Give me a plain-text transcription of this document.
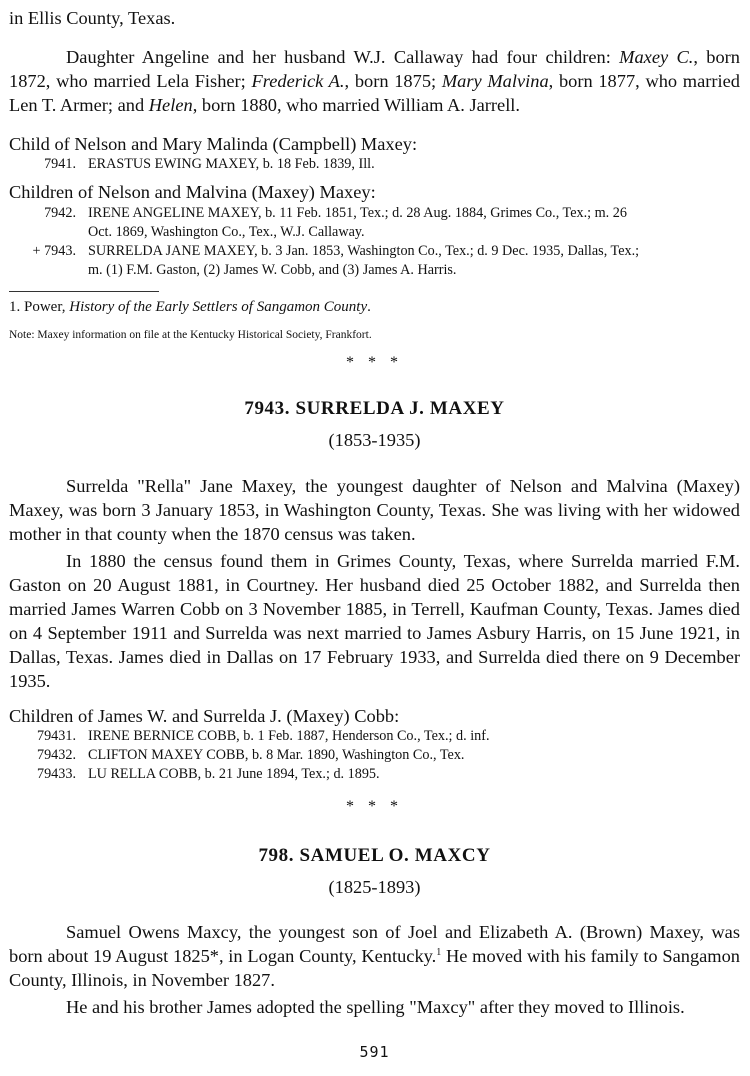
in Ellis County, Texas.

Daughter Angeline and her husband W.J. Callaway had four children: Maxey C., born 1872, who married Lela Fisher; Frederick A., born 1875; Mary Malvina, born 1877, who married Len T. Armer; and Helen, born 1880, who married William A. Jarrell.

Child of Nelson and Mary Malinda (Campbell) Maxey:

7941. ERASTUS EWING MAXEY, b. 18 Feb. 1839, Ill.

Children of Nelson and Malvina (Maxey) Maxey:

7942. IRENE ANGELINE MAXEY, b. 11 Feb. 1851, Tex.; d. 28 Aug. 1884, Grimes Co., Tex.; m. 26
Oct. 1869, Washington Co., Tex., W.J. Callaway.
+ 7943. SURRELDA JANE MAXEY, b. 3 Jan. 1853, Washington Co., Tex.; d. 9 Dec. 1935, Dallas, Tex.;
m. (1) F.M. Gaston, (2) James W. Cobb, and (3) James A. Harris.

1. Power, History of the Early Settlers of Sangamon County.

Note: Maxey information on file at the Kentucky Historical Society, Frankfort.

* * *

7943. SURRELDA J. MAXEY

(1853-1935)

Surrelda "Rella" Jane Maxey, the youngest daughter of Nelson and Malvina (Maxey) Maxey, was born 3 January 1853, in Washington County, Texas. She was living with her widowed mother in that county when the 1870 census was taken.

In 1880 the census found them in Grimes County, Texas, where Surrelda married F.M. Gaston on 20 August 1881, in Courtney. Her husband died 25 October 1882, and Surrelda then married James Warren Cobb on 3 November 1885, in Terrell, Kaufman County, Texas. James died on 4 September 1911 and Surrelda was next married to James Asbury Harris, on 15 June 1921, in Dallas, Texas. James died in Dallas on 17 February 1933, and Surrelda died there on 9 December 1935.

Children of James W. and Surrelda J. (Maxey) Cobb:

79431. IRENE BERNICE COBB, b. 1 Feb. 1887, Henderson Co., Tex.; d. inf.
79432. CLIFTON MAXEY COBB, b. 8 Mar. 1890, Washington Co., Tex.
79433. LU RELLA COBB, b. 21 June 1894, Tex.; d. 1895.
* * *

798. SAMUEL O. MAXCY

(1825-1893)

Samuel Owens Maxcy, the youngest son of Joel and Elizabeth A. (Brown) Maxey, was born about 19 August 1825*, in Logan County, Kentucky.$^1$ He moved with his family to Sangamon County, Illinois, in November 1827.

He and his brother James adopted the spelling "Maxcy" after they moved to Illinois.

591
